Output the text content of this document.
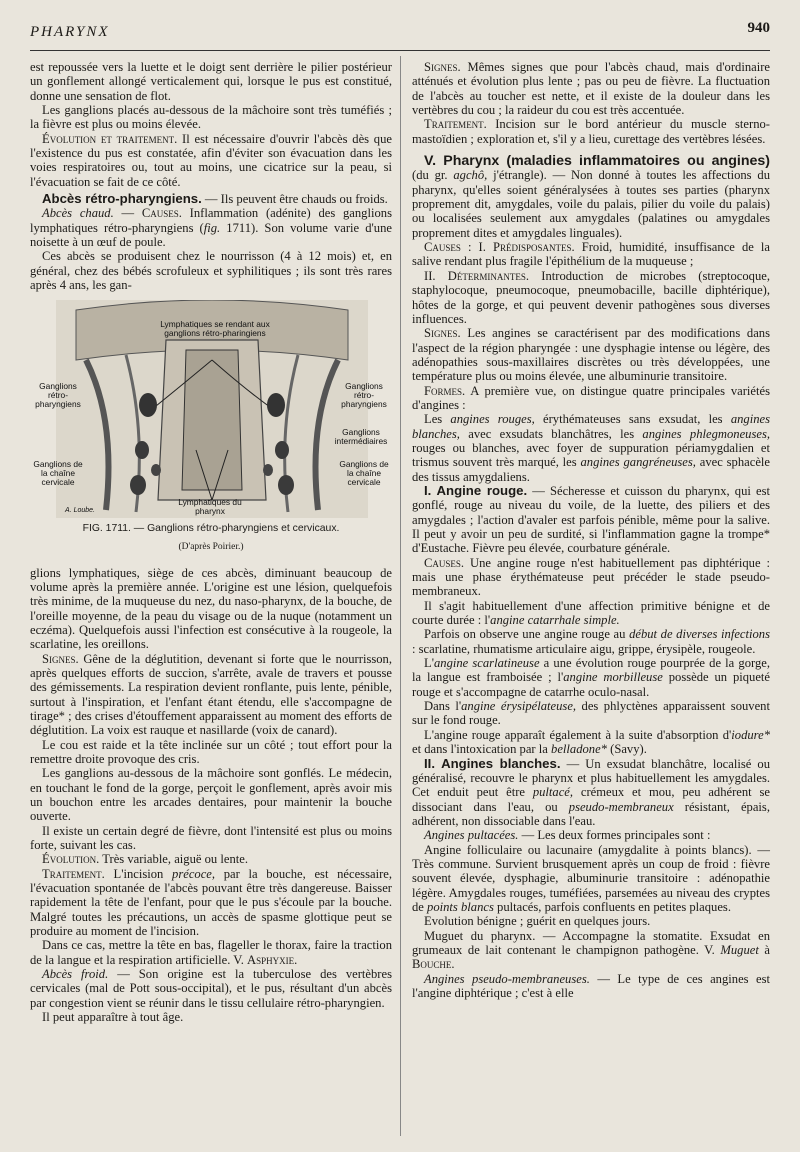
PHARYNX	940

est repoussée vers la luette et le doigt sent derrière le pilier postérieur un gonflement allongé verticalement qui, lorsque le pus est constitué, donne une sensation de flot.

Les ganglions placés au-dessous de la mâchoire sont très tuméfiés ; la fièvre est plus ou moins élevée.

Évolution et traitement. Il est nécessaire d'ouvrir l'abcès dès que l'existence du pus est constatée, afin d'éviter son évacuation dans les voies respiratoires ou, tout au moins, une cicatrice sur la peau, si l'évacuation se fait de ce côté.

Abcès rétro-pharyngiens. — Ils peuvent être chauds ou froids.

Abcès chaud. — Causes. Inflammation (adénite) des ganglions lymphatiques rétro-pharyngiens (fig. 1711). Son volume varie d'une noisette à un œuf de poule.

Ces abcès se produisent chez le nourrisson (4 à 12 mois) et, en général, chez des bébés scrofuleux et syphilitiques ; ils sont très rares après 4 ans, les gan-

Lymphatiques se rendant aux ganglions rétro-pharingiens
Ganglions rétro-pharyngiens
Ganglions rétro-pharyngiens
Ganglions intermédiaires
Ganglions de la chaîne cervicale
Ganglions de la chaîne cervicale
Lymphatiques du pharynx
A. Loube.
FIG. 1711. — Ganglions rétro-pharyngiens et cervicaux.
(D'après Poirier.)

glions lymphatiques, siège de ces abcès, diminuant beaucoup de volume après la première année. L'origine est une lésion, quelquefois très minime, de la muqueuse du nez, du naso-pharynx, de la bouche, de l'oreille moyenne, de la peau du visage ou de la nuque (notamment un eczéma). Quelquefois aussi l'infection est consécutive à la rougeole, la scarlatine, les oreillons.

Signes. Gêne de la déglutition, devenant si forte que le nourrisson, après quelques efforts de succion, s'arrête, avale de travers et pousse des gémissements. La respiration devient ronflante, puis lente, pénible, surtout à l'inspiration, et l'enfant étant étendu, elle s'accompagne de tirage* ; des crises d'étouffement apparaissent au moment des efforts de déglutition. La voix est rauque et nasillarde (voix de canard).

Le cou est raide et la tête inclinée sur un côté ; tout effort pour la remettre droite provoque des cris.

Les ganglions au-dessous de la mâchoire sont gonflés. Le médecin, en touchant le fond de la gorge, perçoit le gonflement, après avoir mis un bouchon entre les arcades dentaires, pour maintenir la bouche ouverte.

Il existe un certain degré de fièvre, dont l'intensité est plus ou moins forte, suivant les cas.

Évolution. Très variable, aiguë ou lente.

Traitement. L'incision précoce, par la bouche, est nécessaire, l'évacuation spontanée de l'abcès pouvant être très dangereuse. Baisser rapidement la tête de l'enfant, pour que le pus s'écoule par la bouche. Malgré toutes les précautions, un accès de spasme glottique peut se produire au moment de l'incision.

Dans ce cas, mettre la tête en bas, flageller le thorax, faire la traction de la langue et la respiration artificielle. V. Asphyxie.

Abcès froid. — Son origine est la tuberculose des vertèbres cervicales (mal de Pott sous-occipital), et le pus, résultant d'un abcès par congestion vient se réunir dans le tissu cellulaire rétro-pharyngien.

Il peut apparaître à tout âge.

Signes. Mêmes signes que pour l'abcès chaud, mais d'ordinaire atténués et évolution plus lente ; pas ou peu de fièvre. La fluctuation de l'abcès au toucher est nette, et il existe de la douleur dans les vertèbres du cou ; la raideur du cou est très accentuée.

Traitement. Incision sur le bord antérieur du muscle sterno-mastoïdien ; exploration et, s'il y a lieu, curettage des vertèbres lésées.

V. Pharynx (maladies inflammatoires ou angines) (du gr. agchô, j'étrangle). — Non donné à toutes les affections du pharynx, qu'elles soient généralysées à toutes ses parties (pharynx proprement dit, amygdales, voile du palais, pilier du voile du palais) ou localisées seulement aux amygdales (palatines ou amygdales proprement dites et amygdales linguales).

Causes : I. Prédisposantes. Froid, humidité, insuffisance de la salive rendant plus fragile l'épithélium de la muqueuse ;

II. Déterminantes. Introduction de microbes (streptocoque, staphylocoque, pneumocoque, pneumobacille, bacille diphtérique), hôtes de la gorge, et qui peuvent devenir pathogènes sous diverses influences.

Signes. Les angines se caractérisent par des modifications dans l'aspect de la région pharyngée : une dysphagie intense ou légère, des adénopathies sous-maxillaires discrètes ou très développées, une température plus ou moins élevée, une albuminurie transitoire.

Formes. A première vue, on distingue quatre principales variétés d'angines :

Les angines rouges, érythémateuses sans exsudat, les angines blanches, avec exsudats blanchâtres, les angines phlegmoneuses, rouges ou blanches, avec foyer de suppuration périamygdalien et trismus souvent très marqué, les angines gangréneuses, avec sphacèle des tissus amygdaliens.

I. Angine rouge. — Sécheresse et cuisson du pharynx, qui est gonflé, rouge au niveau du voile, de la luette, des piliers et des amygdales ; l'action d'avaler est parfois pénible, même pour la salive. Il peut y avoir un peu de surdité, si l'inflammation gagne la trompe* d'Eustache. Fièvre peu élevée, courbature générale.

Causes. Une angine rouge n'est habituellement pas diphtérique : mais une phase érythémateuse peut précéder le stade pseudo-membraneux.

Il s'agit habituellement d'une affection primitive bénigne et de courte durée : l'angine catarrhale simple.

Parfois on observe une angine rouge au début de diverses infections : scarlatine, rhumatisme articulaire aigu, grippe, érysipèle, rougeole.

L'angine scarlatineuse a une évolution rouge pourprée de la gorge, la langue est framboisée ; l'angine morbilleuse possède un piqueté rouge et s'accompagne de catarrhe oculo-nasal.

Dans l'angine érysipélateuse, des phlyctènes apparaissent souvent sur le fond rouge.

L'angine rouge apparaît également à la suite d'absorption d'iodure* et dans l'intoxication par la belladone* (Savy).

II. Angines blanches. — Un exsudat blanchâtre, localisé ou généralisé, recouvre le pharynx et plus habituellement les amygdales. Cet enduit peut être pultacé, crémeux et mou, peu adhérent se dissociant dans l'eau, ou pseudo-membraneux résistant, épais, adhérent, non dissociable dans l'eau.

Angines pultacées. — Les deux formes principales sont :

Angine folliculaire ou lacunaire (amygdalite à points blancs). — Très commune. Survient brusquement après un coup de froid : fièvre souvent élevée, dysphagie, albuminurie transitoire : adénopathie légère. Amygdales rouges, tuméfiées, parsemées au niveau des cryptes de points blancs pultacés, parfois confluents en petites plaques.

Evolution bénigne ; guérit en quelques jours.

Muguet du pharynx. — Accompagne la stomatite. Exsudat en grumeaux de lait contenant le champignon pathogène. V. Muguet à Bouche.

Angines pseudo-membraneuses. — Le type de ces angines est l'angine diphtérique ; c'est à elle
